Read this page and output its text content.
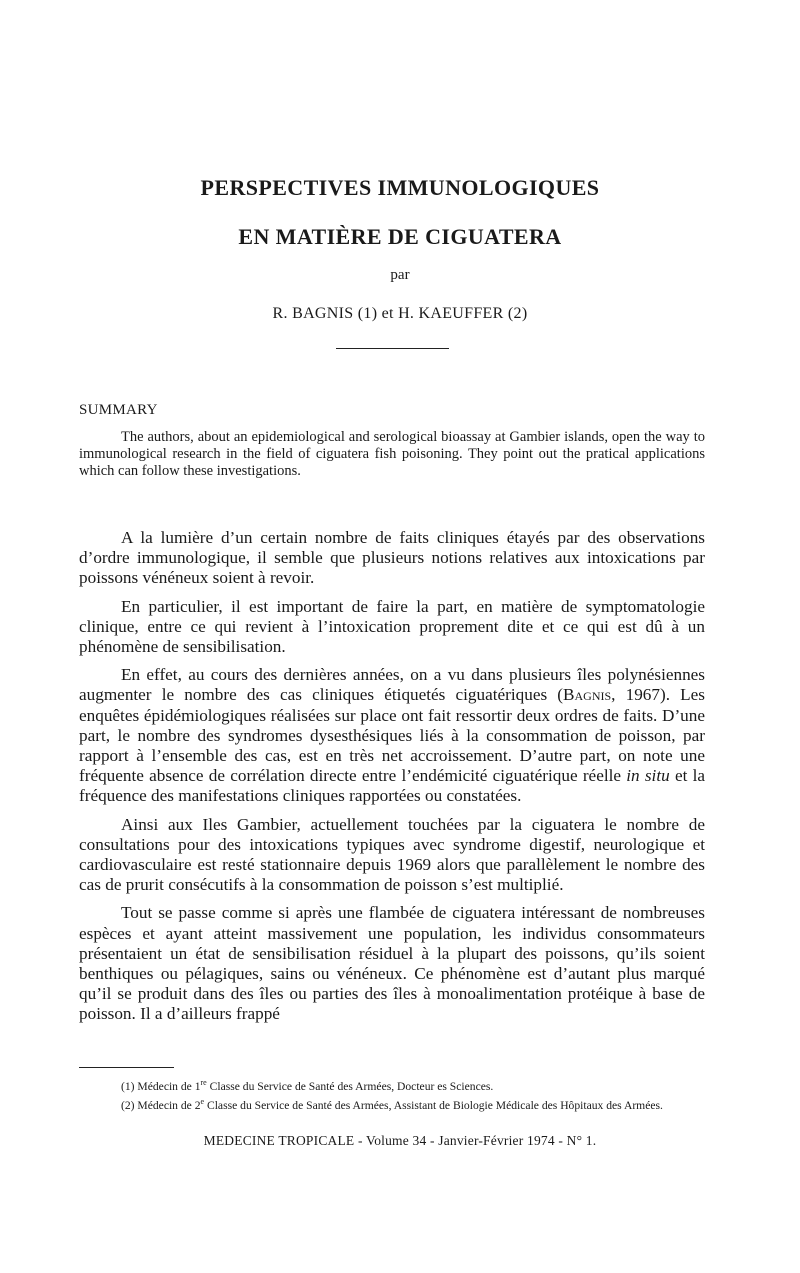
PERSPECTIVES IMMUNOLOGIQUES
EN MATIÈRE DE CIGUATERA

par

R. BAGNIS (1) et H. KAEUFFER (2)

SUMMARY

The authors, about an epidemiological and serological bioassay at Gambier islands, open the way to immunological research in the field of ciguatera fish poisoning. They point out the pratical applications which can follow these investigations.

A la lumière d’un certain nombre de faits cliniques étayés par des observations d’ordre immunologique, il semble que plusieurs notions relatives aux intoxications par poissons vénéneux soient à revoir.

En particulier, il est important de faire la part, en matière de symptomatologie clinique, entre ce qui revient à l’intoxication proprement dite et ce qui est dû à un phénomène de sensibilisation.

En effet, au cours des dernières années, on a vu dans plusieurs îles polynésiennes augmenter le nombre des cas cliniques étiquetés ciguatériques (Bagnis, 1967). Les enquêtes épidémiologiques réalisées sur place ont fait ressortir deux ordres de faits. D’une part, le nombre des syndromes dysesthésiques liés à la consommation de poisson, par rapport à l’ensemble des cas, est en très net accroissement. D’autre part, on note une fréquente absence de corrélation directe entre l’endémicité ciguatérique réelle in situ et la fréquence des manifestations cliniques rapportées ou constatées.

Ainsi aux Iles Gambier, actuellement touchées par la ciguatera le nombre de consultations pour des intoxications typiques avec syndrome digestif, neurologique et cardiovasculaire est resté stationnaire depuis 1969 alors que parallèlement le nombre des cas de prurit consécutifs à la consommation de poisson s’est multiplié.

Tout se passe comme si après une flambée de ciguatera intéressant de nombreuses espèces et ayant atteint massivement une population, les individus consommateurs présentaient un état de sensibilisation résiduel à la plupart des poissons, qu’ils soient benthiques ou pélagiques, sains ou vénéneux. Ce phénomène est d’autant plus marqué qu’il se produit dans des îles ou parties des îles à monoalimentation protéique à base de poisson. Il a d’ailleurs frappé

(1) Médecin de 1re Classe du Service de Santé des Armées, Docteur es Sciences.

(2) Médecin de 2e Classe du Service de Santé des Armées, Assistant de Biologie Médicale des Hôpitaux des Armées.

MEDECINE TROPICALE - Volume 34 - Janvier-Février 1974 - N° 1.
